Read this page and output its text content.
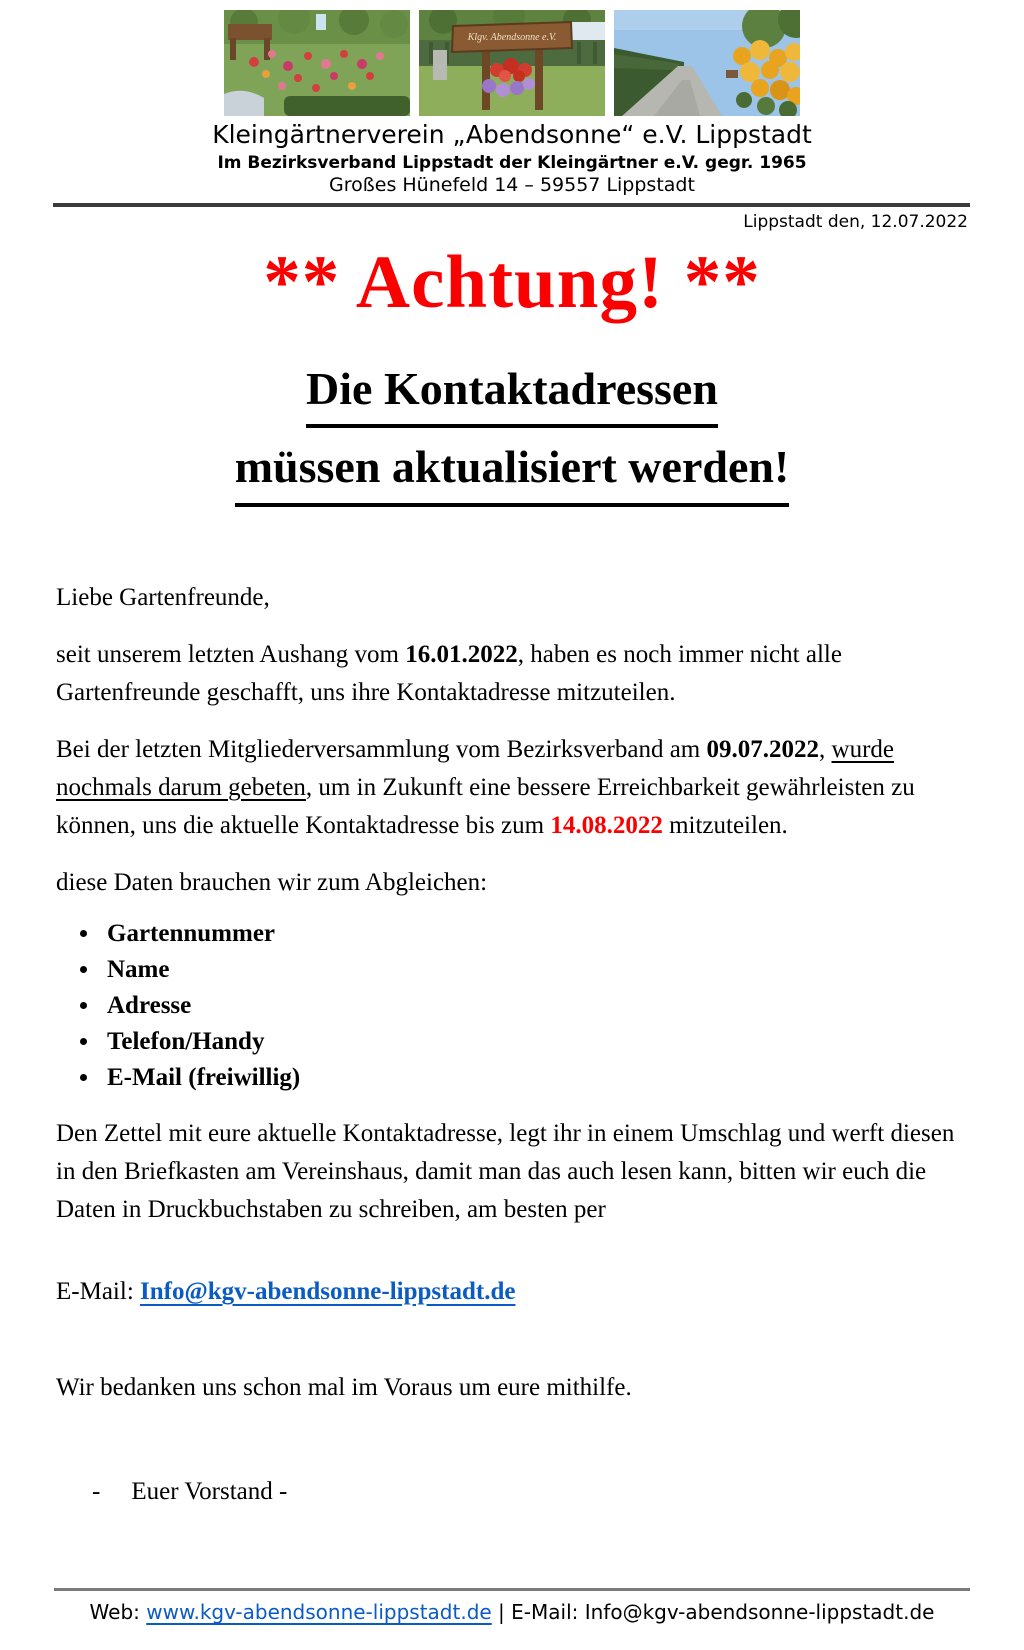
Klgv. Abendsonne e.V.
Kleingärtnerverein „Abendsonne“ e.V. Lippstadt
Im Bezirksverband Lippstadt der Kleingärtner e.V. gegr. 1965
Großes Hünefeld 14 – 59557 Lippstadt
Lippstadt den, 12.07.2022
** Achtung! **
Die Kontaktadressen
müssen aktualisiert werden!

Liebe Gartenfreunde,

seit unserem letzten Aushang vom 16.01.2022, haben es noch immer nicht alle Gartenfreunde geschafft, uns ihre Kontaktadresse mitzuteilen.

Bei der letzten Mitgliederversammlung vom Bezirksverband am 09.07.2022, wurde nochmals darum gebeten, um in Zukunft eine bessere Erreichbarkeit gewährleisten zu können, uns die aktuelle Kontaktadresse bis zum 14.08.2022 mitzuteilen.

diese Daten brauchen wir zum Abgleichen:

• Gartennummer
• Name
• Adresse
• Telefon/Handy
• E-Mail (freiwillig)

Den Zettel mit eure aktuelle Kontaktadresse, legt ihr in einem Umschlag und werft diesen in den Briefkasten am Vereinshaus, damit man das auch lesen kann, bitten wir euch die Daten in Druckbuchstaben zu schreiben, am besten per

E-Mail: Info@kgv-abendsonne-lippstadt.de

Wir bedanken uns schon mal im Voraus um eure mithilfe.

- Euer Vorstand -
Web: www.kgv-abendsonne-lippstadt.de | E-Mail: Info@kgv-abendsonne-lippstadt.de
